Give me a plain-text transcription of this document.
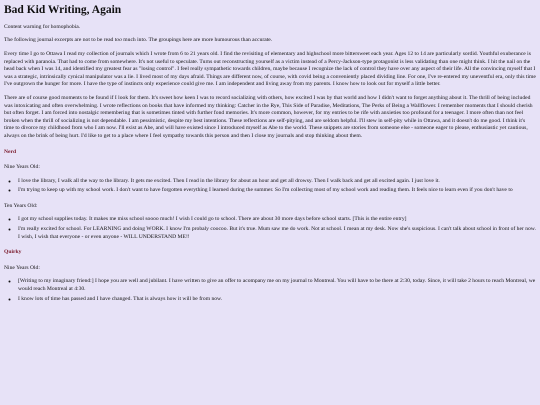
Bad Kid Writing, Again

Content warning for homophobia.

The following journal excerpts are not to be read too much into. The groupings here are more humourous than accurate.

Every time I go to Ottawa I read my collection of journals which I wrote from 6 to 21 years old. I find the revisiting of elementary and highschool more bittersweet each year. Ages 12 to 14 are particularly sordid. Youthful exuberance is replaced with paranoia. That had to come from somewhere. It's not useful to speculate. Turns out reconstructing yourself as a victim instead of a Percy-Jackson-type protagonist is less validating than one might think. I hit the nail on the head back when I was 14, and identified my greatest fear as "losing control". I feel really sympathetic towards children, maybe because I recognize the lack of control they have over any aspect of their life. All the convincing myself that I was a strategic, intrinsically cynical manipulator was a lie. I lived most of my days afraid. Things are different now, of course, with covid being a conveniently placed dividing line. For one, I've re-entered my uneventful era, only this time I've outgrown the hunger for more. I have the type of instincts only experience could give me. I am independent and living away from my parents. I know how to look out for myself a little better.

There are of course good moments to be found if I look for them. It's sweet how keen I was to record socializing with others, how excited I was by that world and how I didn't want to forget anything about it. The thrill of being included was intoxicating and often overwhelming. I wrote reflections on books that have informed my thinking: Catcher in the Rye, This Side of Paradise, Meditations, The Perks of Being a Wallflower. I remember moments that I should cherish but often forget. I am forced into nostalgic remembering that is sometimes tinted with further fond memories. It's more common, however, for my entries to be rife with anxieties too profound for a teenager. I more often than not feel broken when the thrill of socializing is not dependable. I am pessimistic, despite my best intentions. These reflections are self-pitying, and are seldom helpful. I'll stew in self-pity while in Ottawa, and it doesn't do me good. I think it's time to divorce my childhood from who I am now. I'll exist as Abe, and will have existed since I introduced myself as Abe to the world. These snippets are stories from someone else - someone eager to please, enthusiastic yet cautious, always on the brink of being hurt. I'd like to get to a place where I feel sympathy towards this person and then I close my journals and stop thinking about them.

Nerd
Nine Years Old:
◦ I love the library, I walk all the way to the library. It gets me excited. Then I read in the library for about an hour and get all drowsy. Then I walk back and get all excited again. I just love it.
◦ I'm trying to keep up with my school work. I don't want to have forgotten everything I learned during the summer. So I'm collecting most of my school work and reading them. It feels nice to learn even if you don't have to
Ten Years Old:
◦ I got my school supplies today. It makes me miss school soooo much! I wish I could go to school. There are about 30 more days before school starts. [This is the entire entry]
◦ I'm really excited for school. For LEARNING and doing WORK. I know I'm probaly coocoo. But it's true. Mum saw me do work. Not at school. I mean at my desk. Now she's suspicious. I can't talk about school in front of her now. I wish, I wish that everyone - or even anyone - WILL UNDERSTAND ME!!
Quirky
Nine Years Old:
◦ [Writing to my imaginary friend:] I hope you are well and jubilant. I have written to give an offer to acompany me on my journal to Montreal. You will have to be there at 2:30, today. Since, it will take 2 hours to reach Montreal, we would reach Montreal at 4:30.
◦ I know lots of time has passed and I have changed. That is always how it will be from now.
